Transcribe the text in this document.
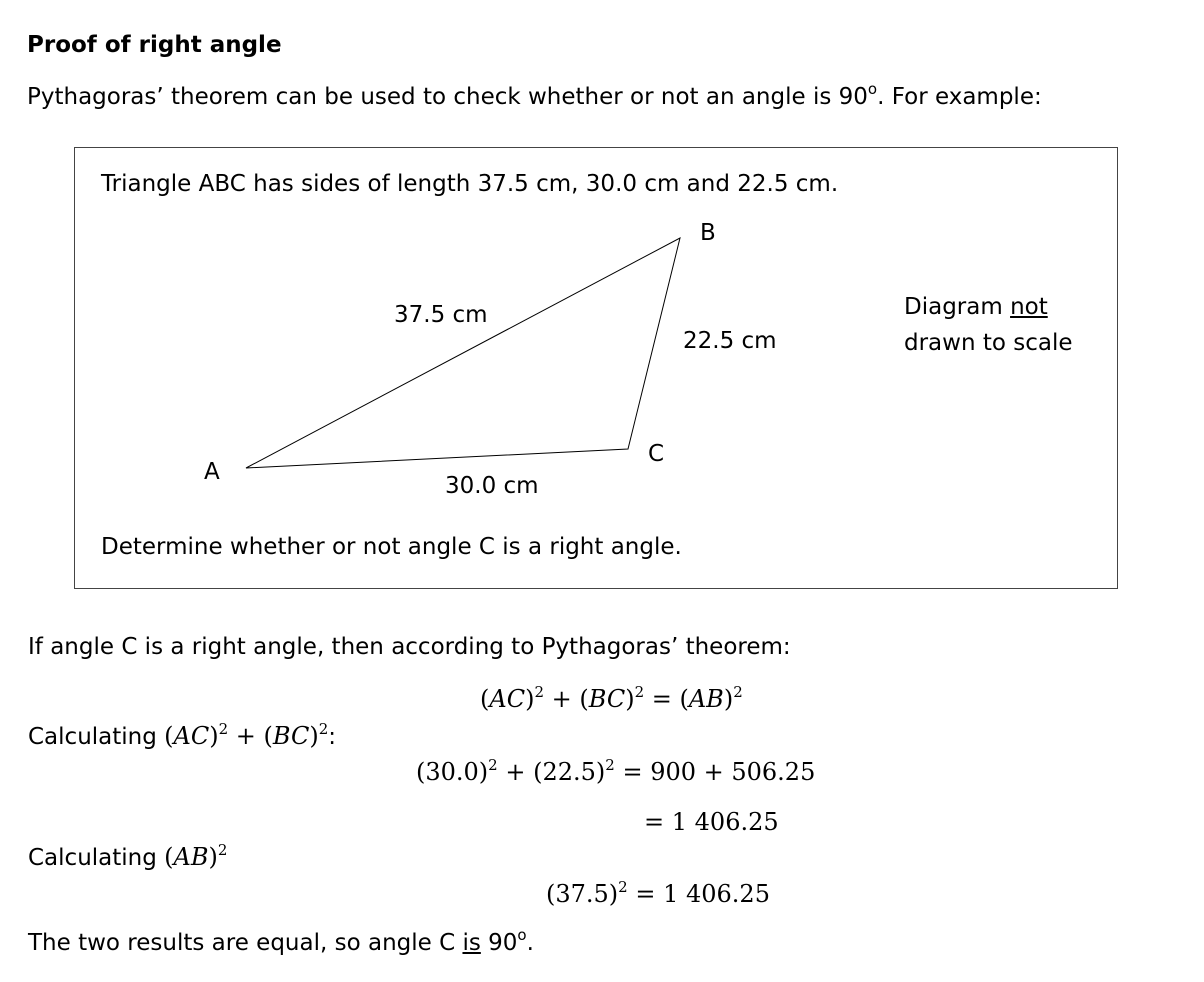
Proof of right angle
Pythagoras’ theorem can be used to check whether or not an angle is 90$^o$. For example:
Triangle ABC has sides of length 37.5 cm, 30.0 cm and 22.5 cm.
A
B
C
37.5 cm
22.5 cm
30.0 cm
Diagram not
drawn to scale
Determine whether or not angle C is a right angle.
If angle C is a right angle, then according to Pythagoras’ theorem:
(AC)$^2$ + (BC)$^2$ = (AB)$^2$
Calculating (AC)$^2$ + (BC)$^2$:
$(30.0)^2 + (22.5)^2 = 900 + 506.25$
= 1 406.25
Calculating (AB)$^2$
$(37.5)^2 = 1$ 406.25
The two results are equal, so angle C is 90$^o$.
